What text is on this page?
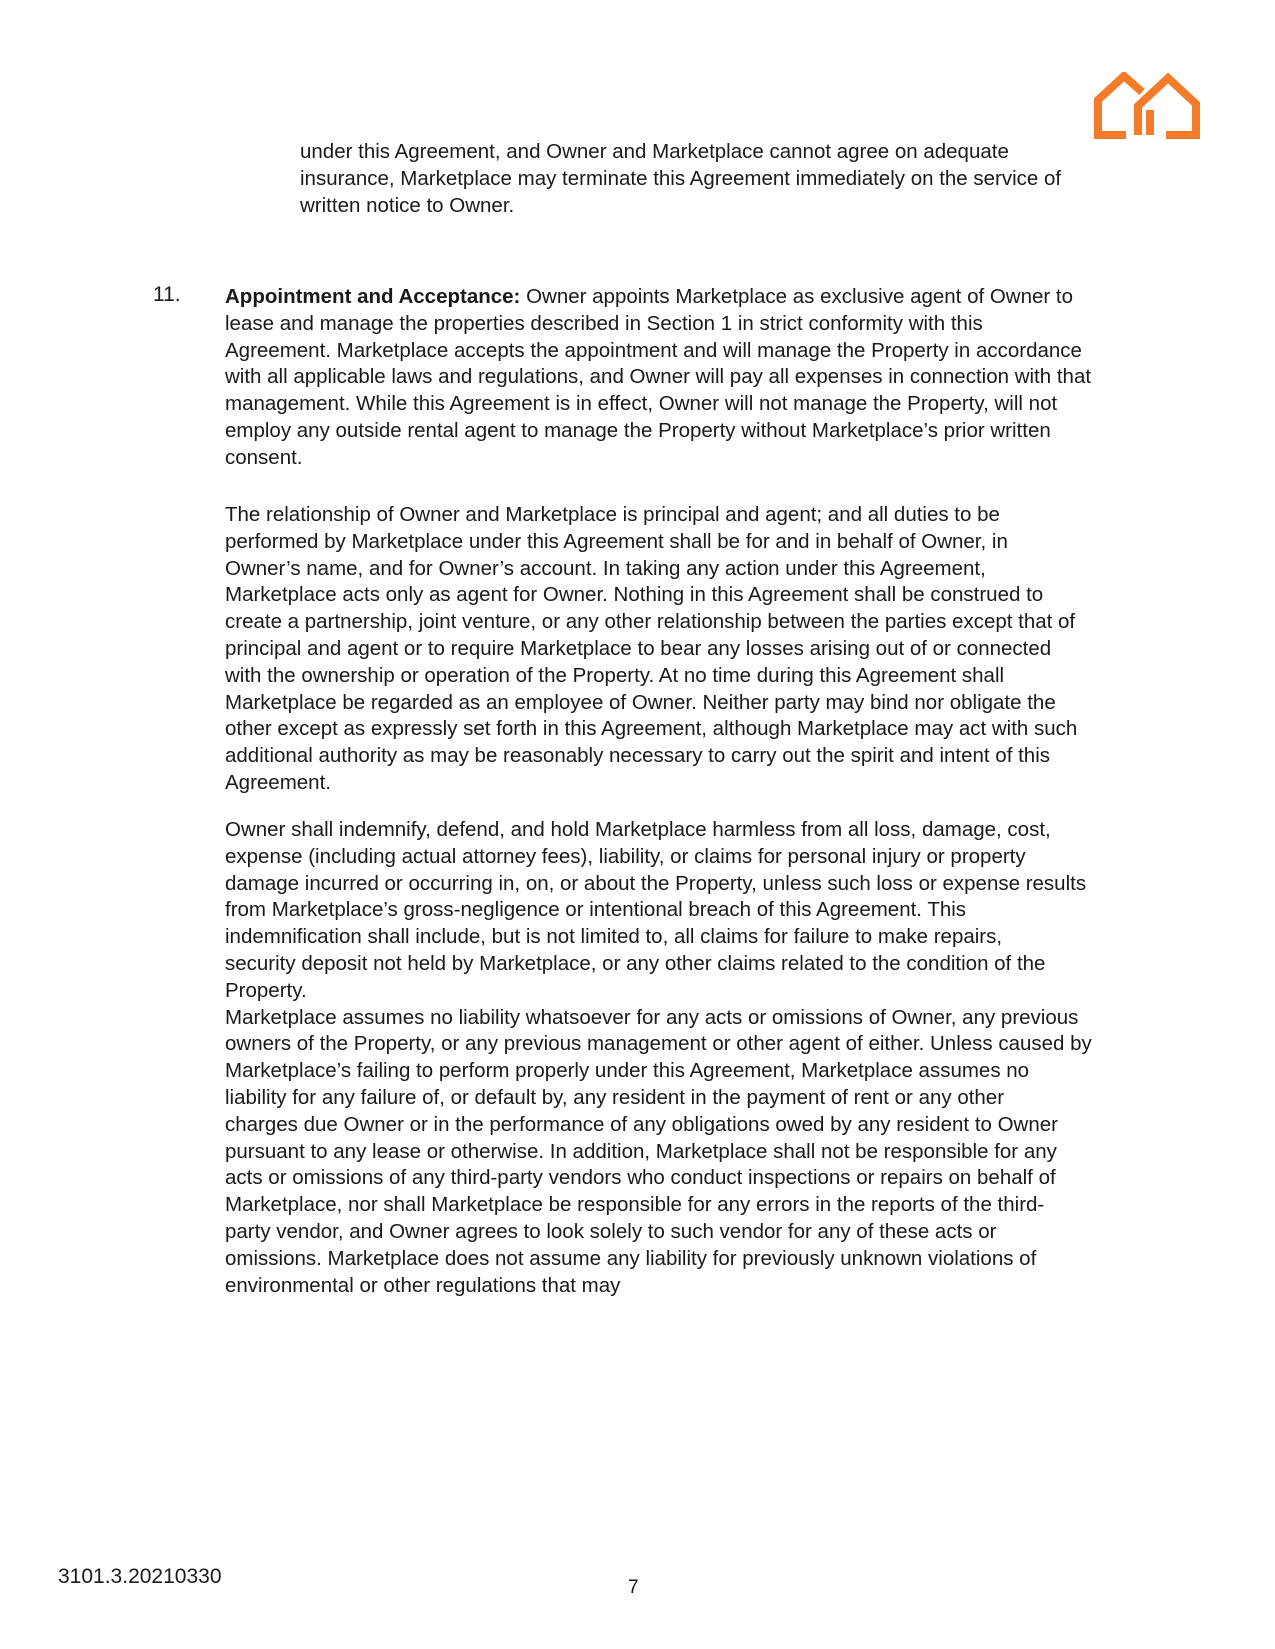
under this Agreement, and Owner and Marketplace cannot agree on adequate
insurance, Marketplace may terminate this Agreement immediately on the service of
written notice to Owner.
11. Appointment and Acceptance: Owner appoints Marketplace as exclusive agent of Owner to
lease and manage the properties described in Section 1 in strict conformity with this
Agreement. Marketplace accepts the appointment and will manage the Property in accordance
with all applicable laws and regulations, and Owner will pay all expenses in connection with that
management. While this Agreement is in effect, Owner will not manage the Property, will not
employ any outside rental agent to manage the Property without Marketplace’s prior written
consent.
The relationship of Owner and Marketplace is principal and agent; and all duties to be
performed by Marketplace under this Agreement shall be for and in behalf of Owner, in
Owner’s name, and for Owner’s account. In taking any action under this Agreement,
Marketplace acts only as agent for Owner. Nothing in this Agreement shall be construed to
create a partnership, joint venture, or any other relationship between the parties except that of
principal and agent or to require Marketplace to bear any losses arising out of or connected
with the ownership or operation of the Property. At no time during this Agreement shall
Marketplace be regarded as an employee of Owner. Neither party may bind nor obligate the
other except as expressly set forth in this Agreement, although Marketplace may act with such
additional authority as may be reasonably necessary to carry out the spirit and intent of this
Agreement.
Owner shall indemnify, defend, and hold Marketplace harmless from all loss, damage, cost,
expense (including actual attorney fees), liability, or claims for personal injury or property
damage incurred or occurring in, on, or about the Property, unless such loss or expense results
from Marketplace’s gross-negligence or intentional breach of this Agreement. This
indemnification shall include, but is not limited to, all claims for failure to make repairs,
security deposit not held by Marketplace, or any other claims related to the condition of the
Property.
Marketplace assumes no liability whatsoever for any acts or omissions of Owner, any previous
owners of the Property, or any previous management or other agent of either. Unless caused by
Marketplace’s failing to perform properly under this Agreement, Marketplace assumes no
liability for any failure of, or default by, any resident in the payment of rent or any other
charges due Owner or in the performance of any obligations owed by any resident to Owner
pursuant to any lease or otherwise. In addition, Marketplace shall not be responsible for any
acts or omissions of any third-party vendors who conduct inspections or repairs on behalf of
Marketplace, nor shall Marketplace be responsible for any errors in the reports of the third-
party vendor, and Owner agrees to look solely to such vendor for any of these acts or
omissions. Marketplace does not assume any liability for previously unknown violations of
environmental or other regulations that may
3101.3.20210330	7
